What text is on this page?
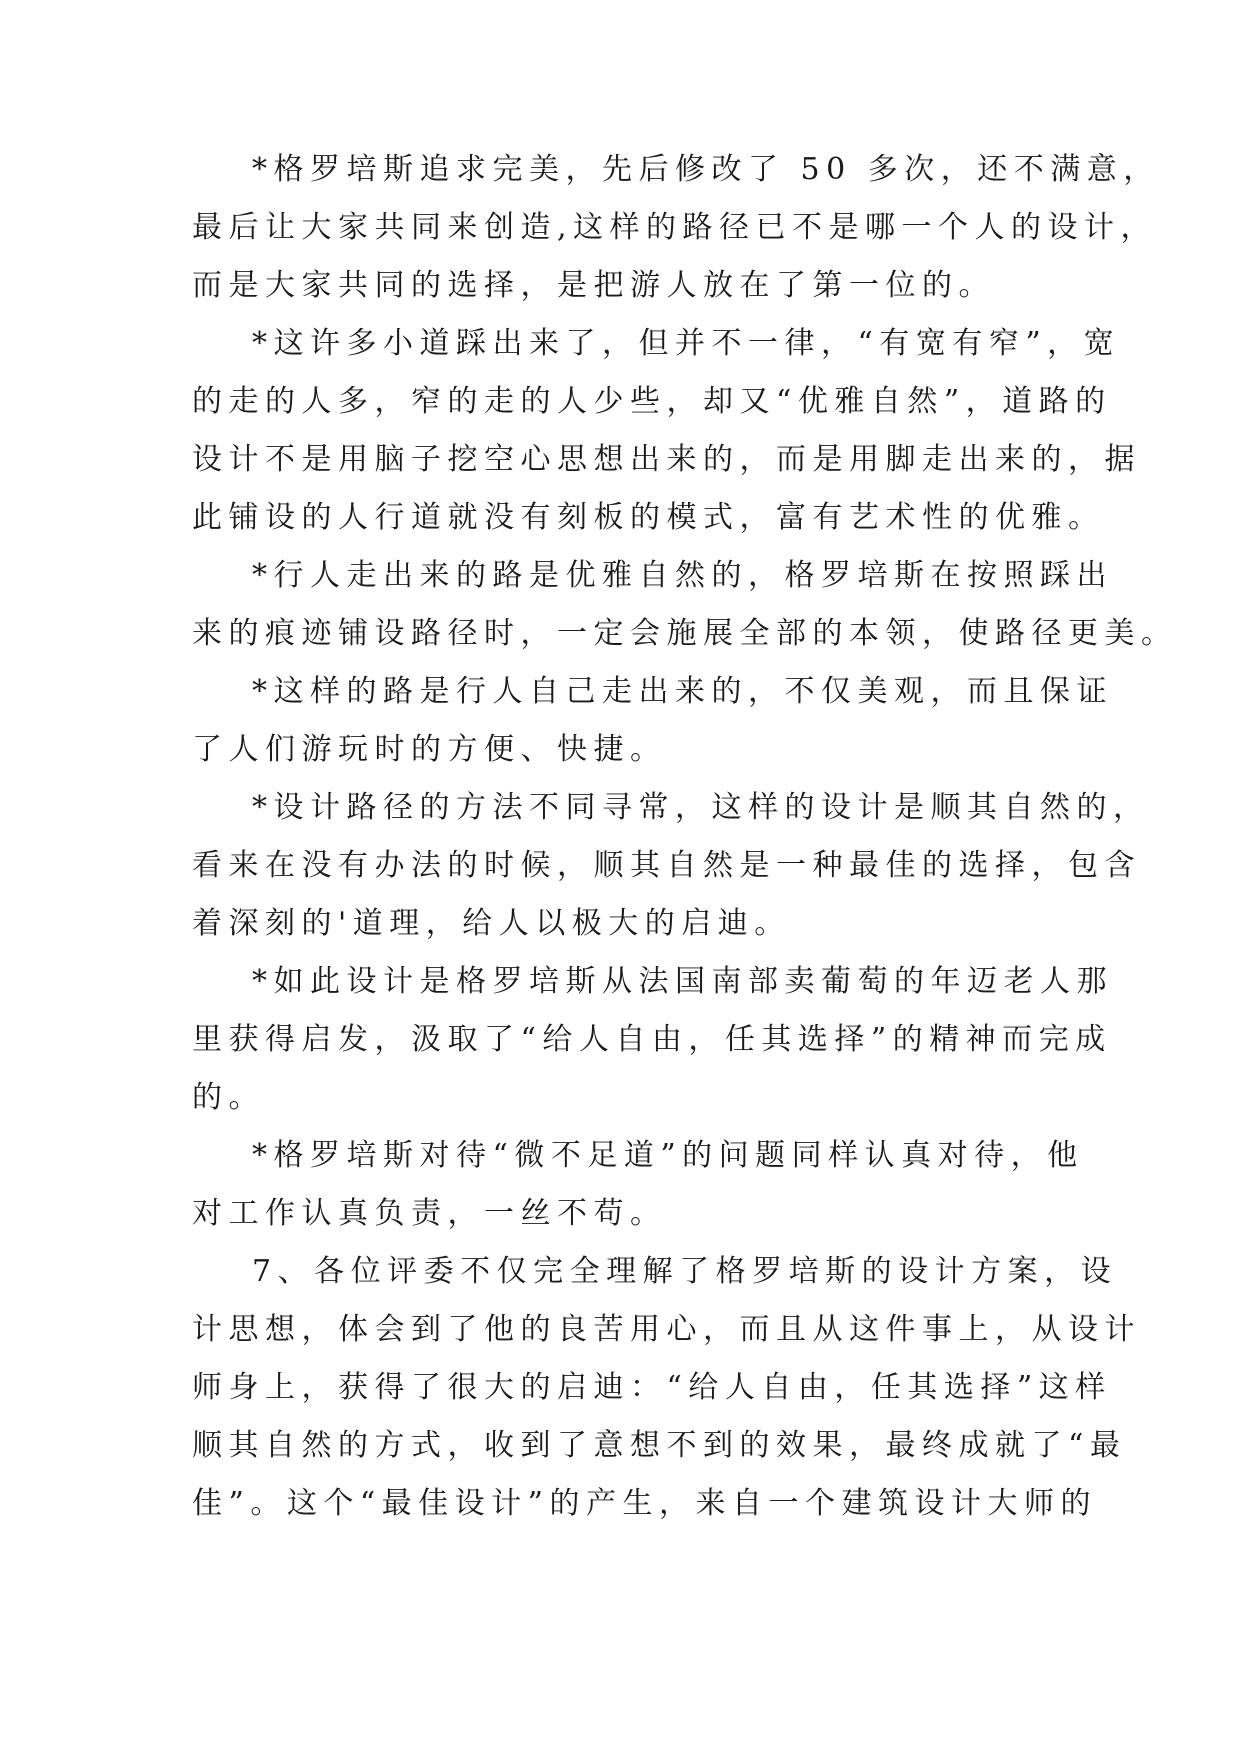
*格罗培斯追求完美，先后修改了 50 多次，还不满意，
最后让大家共同来创造,这样的路径已不是哪一个人的设计，
而是大家共同的选择，是把游人放在了第一位的。
*这许多小道踩出来了，但并不一律，“有宽有窄”，宽
的走的人多，窄的走的人少些，却又“优雅自然”，道路的
设计不是用脑子挖空心思想出来的，而是用脚走出来的，据
此铺设的人行道就没有刻板的模式，富有艺术性的优雅。
*行人走出来的路是优雅自然的，格罗培斯在按照踩出
来的痕迹铺设路径时，一定会施展全部的本领，使路径更美。
*这样的路是行人自己走出来的，不仅美观，而且保证
了人们游玩时的方便、快捷。
*设计路径的方法不同寻常，这样的设计是顺其自然的，
看来在没有办法的时候，顺其自然是一种最佳的选择，包含
着深刻的'道理，给人以极大的启迪。
*如此设计是格罗培斯从法国南部卖葡萄的年迈老人那
里获得启发，汲取了“给人自由，任其选择”的精神而完成
的。
*格罗培斯对待“微不足道”的问题同样认真对待，他
对工作认真负责，一丝不苟。
7、各位评委不仅完全理解了格罗培斯的设计方案，设
计思想，体会到了他的良苦用心，而且从这件事上，从设计
师身上，获得了很大的启迪：“给人自由，任其选择”这样
顺其自然的方式，收到了意想不到的效果，最终成就了“最
佳”。这个“最佳设计”的产生，来自一个建筑设计大师的
